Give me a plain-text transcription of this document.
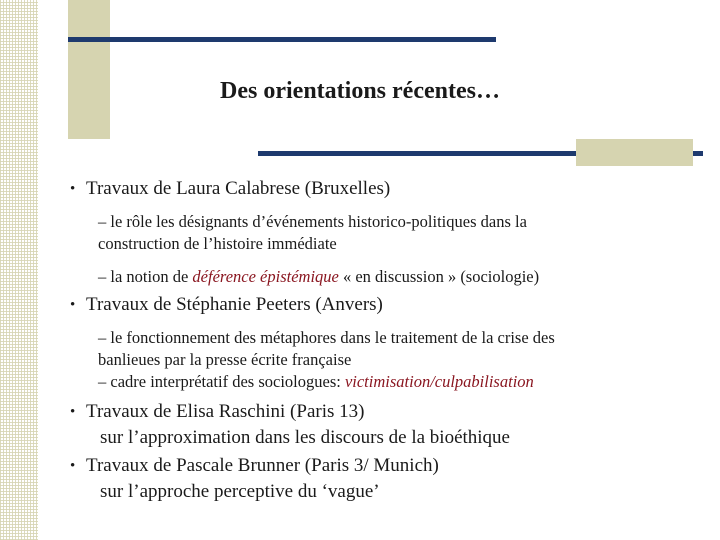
Des orientations récentes…
• Travaux de Laura Calabrese (Bruxelles)
– le rôle les désignants d’événements historico-politiques dans la
construction de l’histoire immédiate
– la notion de déférence épistémique « en discussion » (sociologie)
• Travaux de Stéphanie Peeters (Anvers)
– le fonctionnement des métaphores dans le traitement de la crise des
banlieues par la presse écrite française
– cadre interprétatif des sociologues: victimisation/culpabilisation
• Travaux de Elisa Raschini (Paris 13)
sur l’approximation dans les discours de la bioéthique
• Travaux de Pascale Brunner (Paris 3/ Munich)
sur l’approche perceptive du ‘vague’
